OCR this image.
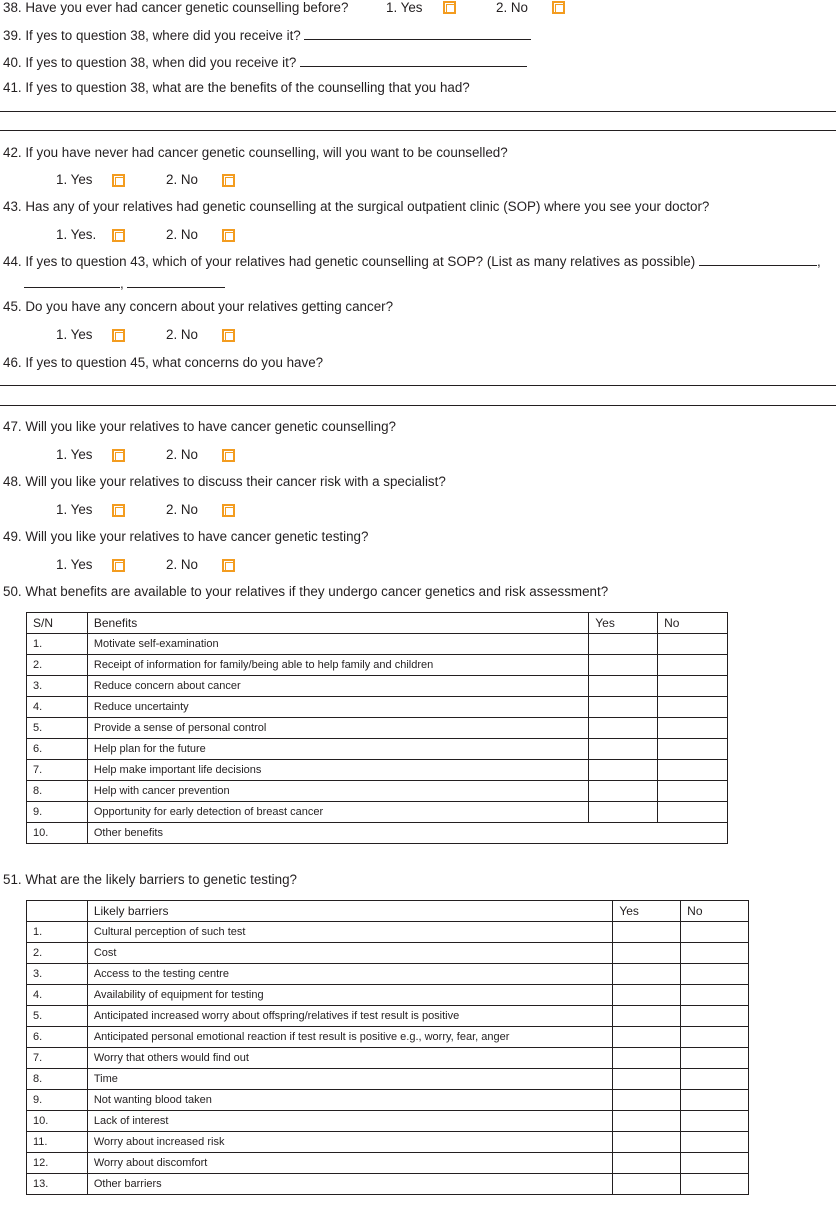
38. Have you ever had cancer genetic counselling before?	1. Yes	2. No
39. If yes to question 38, where did you receive it?
40. If yes to question 38, when did you receive it?
41. If yes to question 38, what are the benefits of the counselling that you had?
42. If you have never had cancer genetic counselling, will you want to be counselled?
1. Yes	2. No
43. Has any of your relatives had genetic counselling at the surgical outpatient clinic (SOP) where you see your doctor?
1. Yes.	2. No
44. If yes to question 43, which of your relatives had genetic counselling at SOP? (List as many relatives as possible)	,
,
45. Do you have any concern about your relatives getting cancer?
1. Yes	2. No
46. If yes to question 45, what concerns do you have?
47. Will you like your relatives to have cancer genetic counselling?
1. Yes	2. No
48. Will you like your relatives to discuss their cancer risk with a specialist?
1. Yes	2. No
49. Will you like your relatives to have cancer genetic testing?
1. Yes	2. No
50. What benefits are available to your relatives if they undergo cancer genetics and risk assessment?
S/N	Benefits	Yes	No
1.	Motivate self-examination		
2.	Receipt of information for family/being able to help family and children		
3.	Reduce concern about cancer		
4.	Reduce uncertainty		
5.	Provide a sense of personal control		
6.	Help plan for the future		
7.	Help make important life decisions		
8.	Help with cancer prevention		
9.	Opportunity for early detection of breast cancer		
10.	Other benefits		
51. What are the likely barriers to genetic testing?
	Likely barriers	Yes	No
1.	Cultural perception of such test		
2.	Cost		
3.	Access to the testing centre		
4.	Availability of equipment for testing		
5.	Anticipated increased worry about offspring/relatives if test result is positive		
6.	Anticipated personal emotional reaction if test result is positive e.g., worry, fear, anger		
7.	Worry that others would find out		
8.	Time		
9.	Not wanting blood taken		
10.	Lack of interest		
11.	Worry about increased risk		
12.	Worry about discomfort		
13.	Other barriers		
